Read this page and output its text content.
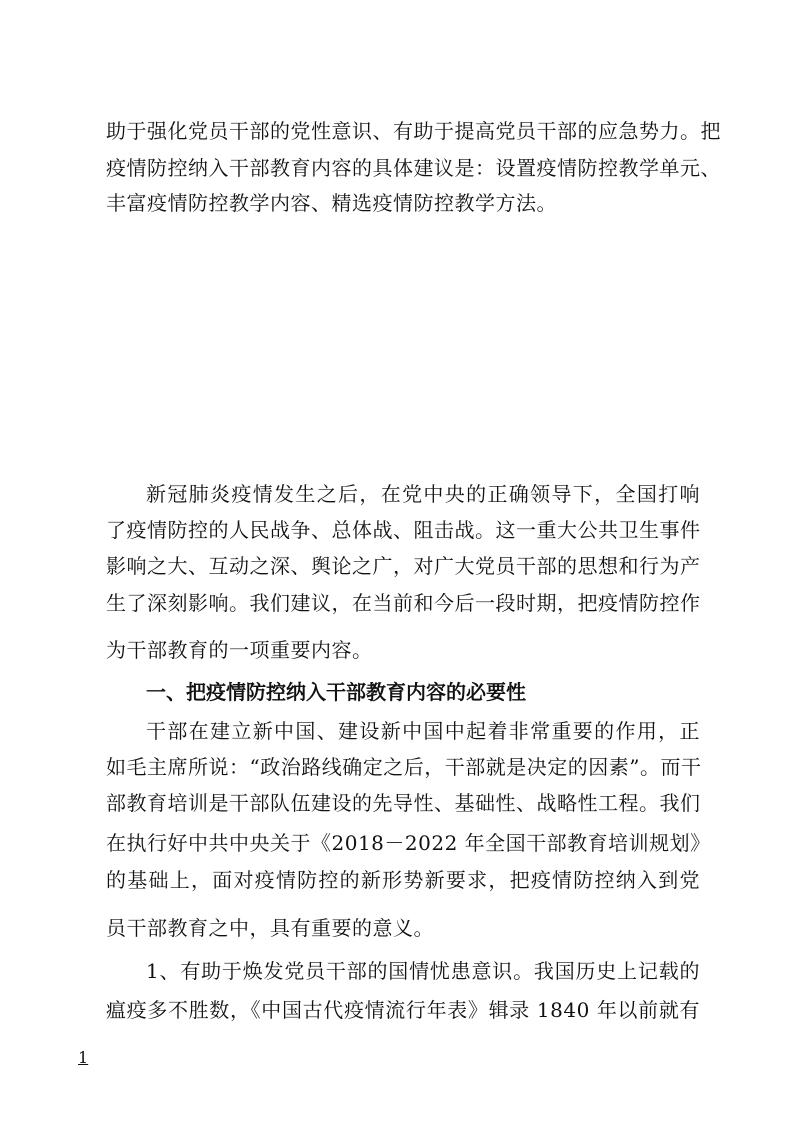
助于强化党员干部的党性意识、有助于提高党员干部的应急势力。把
疫情防控纳入干部教育内容的具体建议是：设置疫情防控教学单元、
丰富疫情防控教学内容、精选疫情防控教学方法。
新冠肺炎疫情发生之后，在党中央的正确领导下，全国打响
了疫情防控的人民战争、总体战、阻击战。这一重大公共卫生事件
影响之大、互动之深、舆论之广，对广大党员干部的思想和行为产
生了深刻影响。我们建议，在当前和今后一段时期，把疫情防控作
为干部教育的一项重要内容。
一、把疫情防控纳入干部教育内容的必要性
干部在建立新中国、建设新中国中起着非常重要的作用，正
如毛主席所说：“政治路线确定之后，干部就是决定的因素”。而干
部教育培训是干部队伍建设的先导性、基础性、战略性工程。我们
在执行好中共中央关于《2018－2022 年全国干部教育培训规划》
的基础上，面对疫情防控的新形势新要求，把疫情防控纳入到党
员干部教育之中，具有重要的意义。
1、有助于焕发党员干部的国情忧患意识。我国历史上记载的
瘟疫多不胜数，《中国古代疫情流行年表》辑录 1840 年以前就有
1
